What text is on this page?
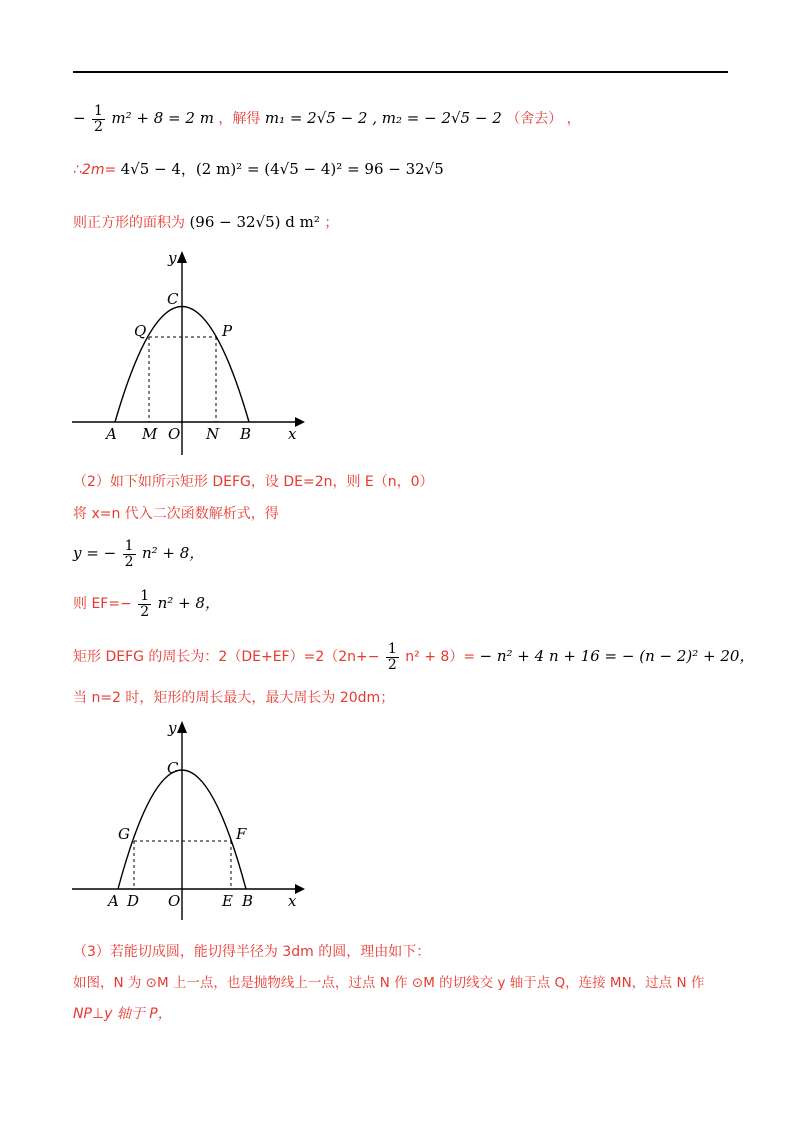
− $\frac{1}{2} m^2 + 8 = 2$ m ，解得 m₁ = 2√5 − 2 , m₂ = − 2√5 − 2 （舍去） ，
∴2m= 4√5 − 4，(2 m)² = (4√5 − 4)² = 96 − 32√5
则正方形的面积为 (96 − 32√5) d m² ；
y
x
C
Q	P
A M O N B
（2）如下如所示矩形 DEFG，设 DE=2n，则 E（n，0）
将 x=n 代入二次函数解析式，得
y = − $\frac{1}{2} n^2 + 8$，
则 $EF=- \frac{1}{2} n^2 + 8$，
矩形 DEFG 的周长为：$2(DE+EF)=2(2n+- \frac{1}{2} n^2 + 8)= - n^2 + 4$ n + 16 = − (n − 2)² + 20，
当 n=2 时，矩形的周长最大，最大周长为 20dm；
y
x
C
G	F
A D O	E B
（3）若能切成圆，能切得半径为 3dm 的圆，理由如下：
如图，N 为 ⊙M 上一点，也是抛物线上一点，过点 N 作 ⊙M 的切线交 y 轴于点 Q，连接 MN，过点 N 作
NP⊥y 轴于 P，
